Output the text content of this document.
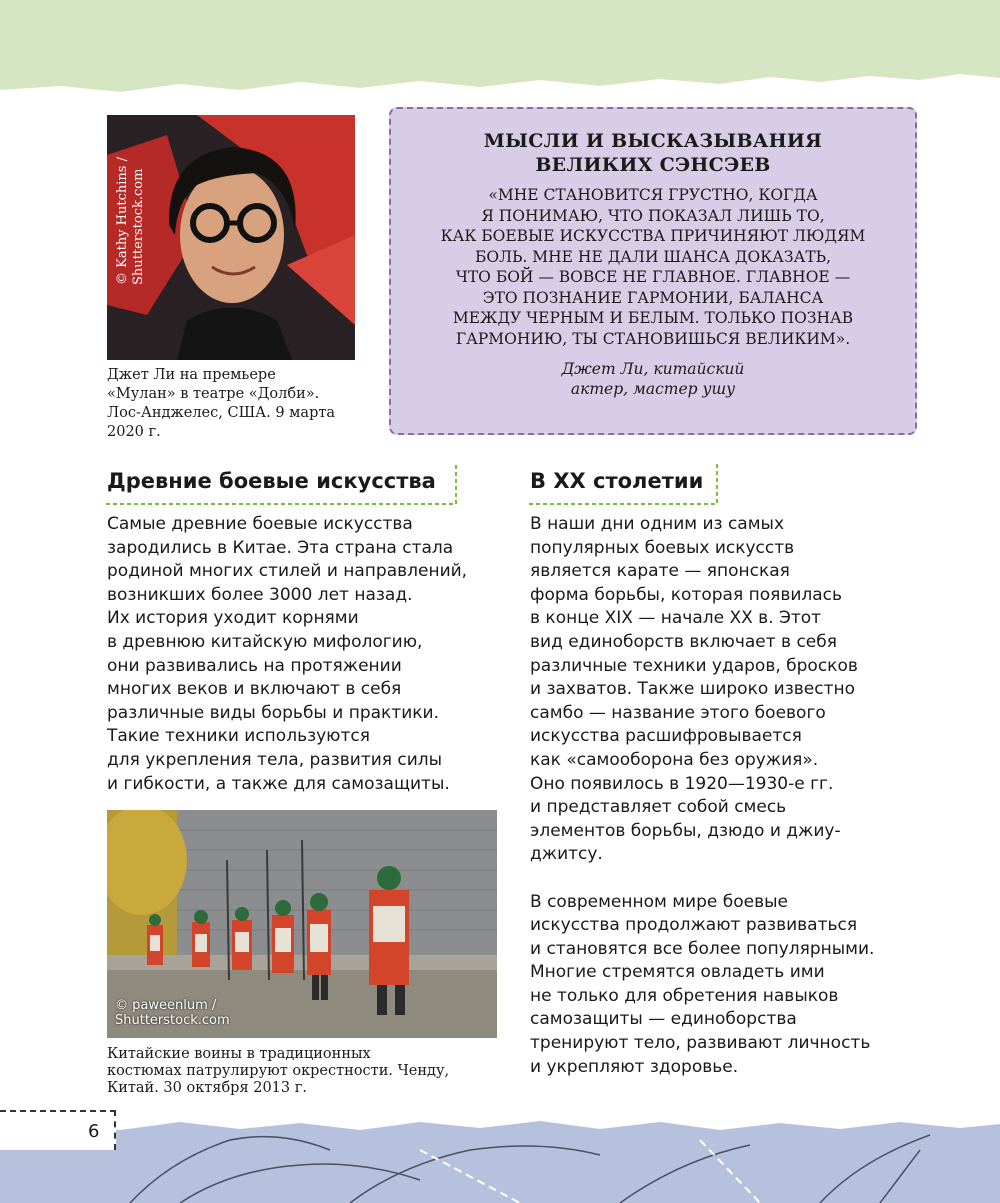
© Kathy Hutchins / Shutterstock.com
Джет Ли на премьере
«Мулан» в театре «Долби».
Лос-Анджелес, США. 9 марта
2020 г.
МЫСЛИ И ВЫСКАЗЫВАНИЯ
ВЕЛИКИХ СЭНСЭЕВ
«МНЕ СТАНОВИТСЯ ГРУСТНО, КОГДА
Я ПОНИМАЮ, ЧТО ПОКАЗАЛ ЛИШЬ ТО,
КАК БОЕВЫЕ ИСКУССТВА ПРИЧИНЯЮТ ЛЮДЯМ
БОЛЬ. МНЕ НЕ ДАЛИ ШАНСА ДОКАЗАТЬ,
ЧТО БОЙ — ВОВСЕ НЕ ГЛАВНОЕ. ГЛАВНОЕ —
ЭТО ПОЗНАНИЕ ГАРМОНИИ, БАЛАНСА
МЕЖДУ ЧЕРНЫМ И БЕЛЫМ. ТОЛЬКО ПОЗНАВ
ГАРМОНИЮ, ТЫ СТАНОВИШЬСЯ ВЕЛИКИМ».
Джет Ли, китайский
актер, мастер ушу
Древние боевые искусства	В XX столетии
Самые древние боевые искусства
зародились в Китае. Эта страна стала
родиной многих стилей и направлений,
возникших более 3000 лет назад.
Их история уходит корнями
в древнюю китайскую мифологию,
они развивались на протяжении
многих веков и включают в себя
различные виды борьбы и практики.
Такие техники используются
для укрепления тела, развития силы
и гибкости, а также для самозащиты.
В наши дни одним из самых
популярных боевых искусств
является карате — японская
форма борьбы, которая появилась
в конце XIX — начале XX в. Этот
вид единоборств включает в себя
различные техники ударов, бросков
и захватов. Также широко известно
самбо — название этого боевого
искусства расшифровывается
как «самооборона без оружия».
Оно появилось в 1920—1930-е гг.
и представляет собой смесь
элементов борьбы, дзюдо и джиу-
джитсу.
В современном мире боевые
искусства продолжают развиваться
и становятся все более популярными.
Многие стремятся овладеть ими
не только для обретения навыков
самозащиты — единоборства
тренируют тело, развивают личность
и укрепляют здоровье.
© paweenlum /
Shutterstock.com
Китайские воины в традиционных
костюмах патрулируют окрестности. Ченду,
Китай. 30 октября 2013 г.
6
